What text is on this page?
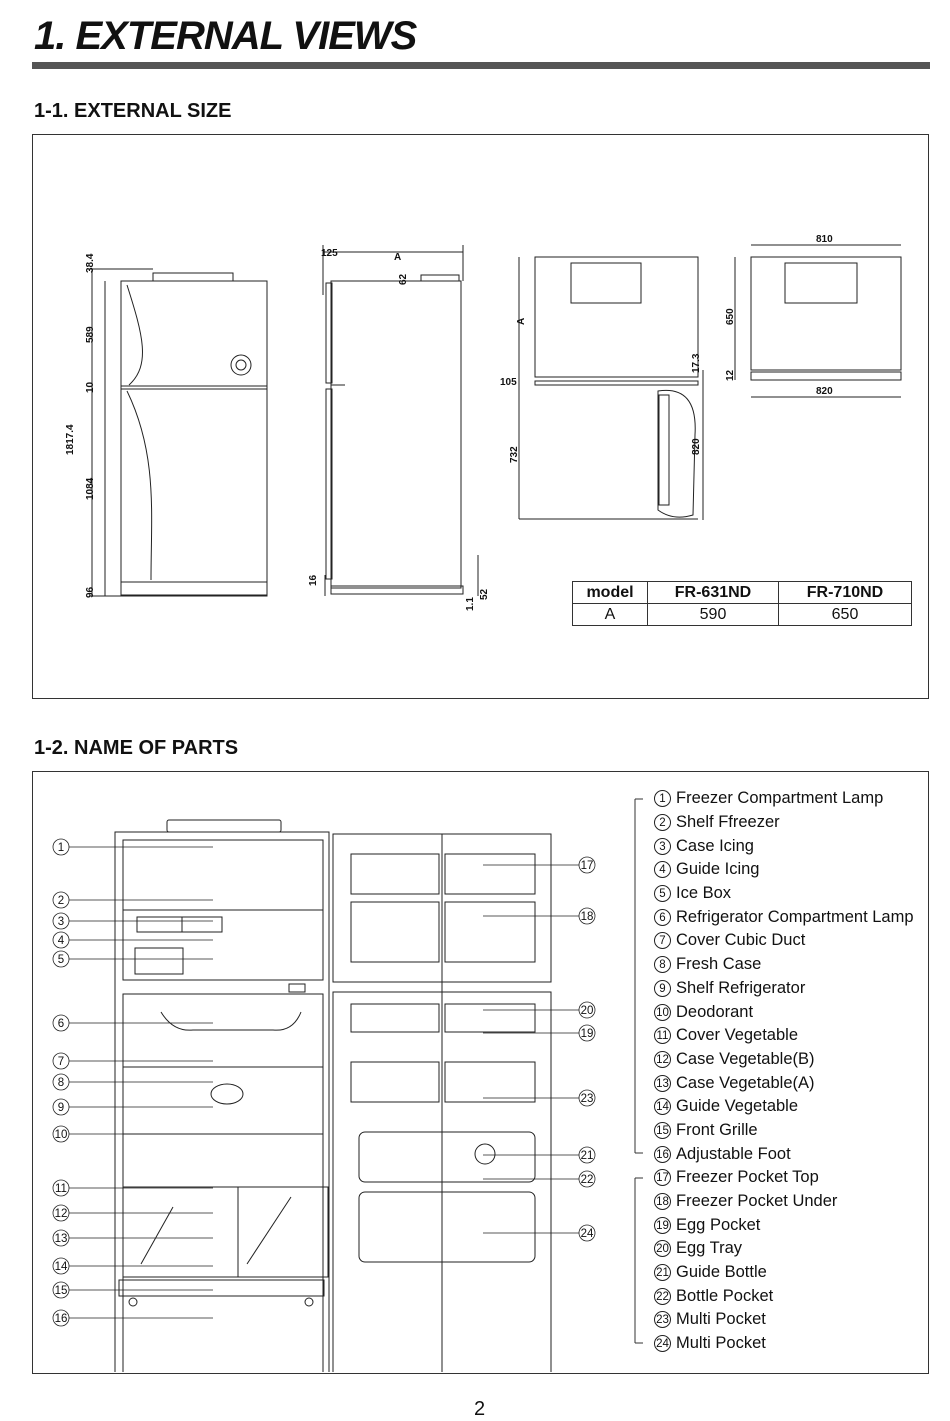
1. EXTERNAL VIEWS
1-1. EXTERNAL SIZE
38.4
589
10
1817.4
1084
96
125	A
62
16
1.1
52
A
105
17.3
732	820
810
650
12
820
model	FR-631ND	FR-710ND
A	590	650
1-2. NAME OF PARTS
1
2
3
4
5
6
7
8
9
10
11
12
13
14
15
16
17
18
20
19
23
21
22
24
1 Freezer Compartment Lamp
2 Shelf Ffreezer
3 Case Icing
4 Guide Icing
5 Ice Box
6 Refrigerator Compartment Lamp
7 Cover Cubic Duct
8 Fresh Case
9 Shelf Refrigerator
10 Deodorant
11 Cover Vegetable
12 Case Vegetable(B)
13 Case Vegetable(A)
14 Guide Vegetable
15 Front Grille
16 Adjustable Foot
17 Freezer Pocket Top
18 Freezer Pocket Under
19 Egg Pocket
20 Egg Tray
21 Guide Bottle
22 Bottle Pocket
23 Multi Pocket
24 Multi Pocket
2
